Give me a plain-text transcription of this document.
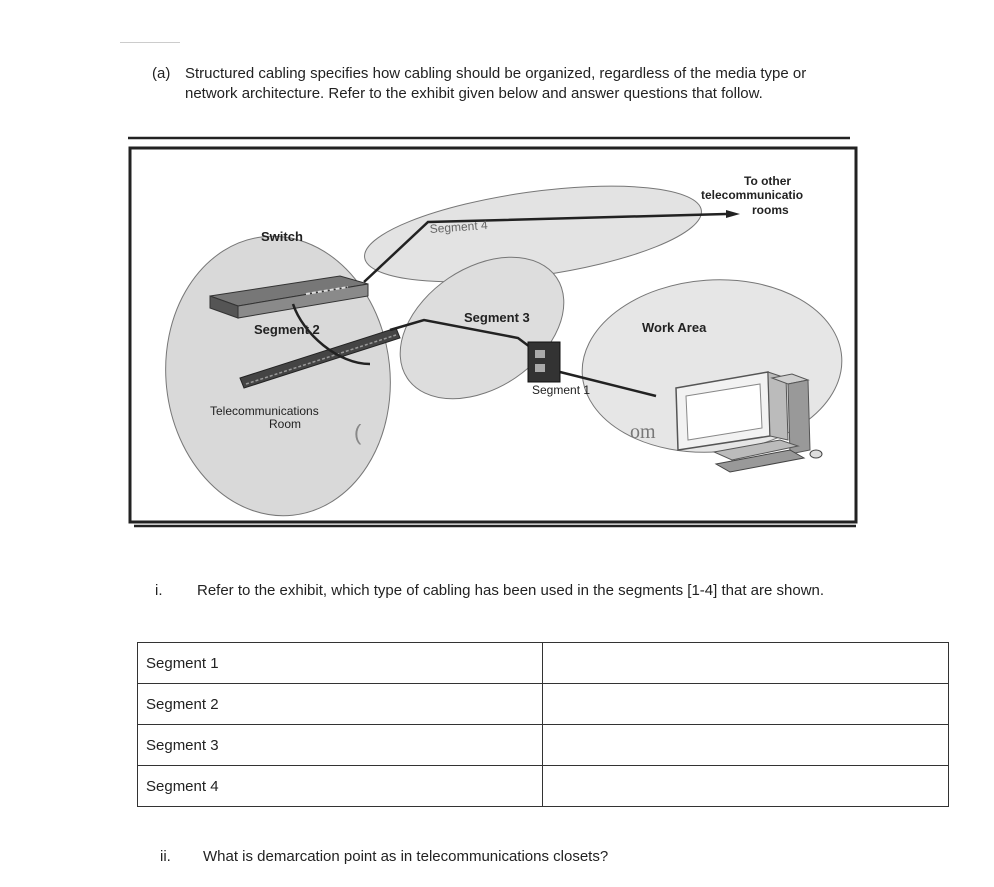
(a) Structured cabling specifies how cabling should be organized, regardless of the media type or
network architecture. Refer to the exhibit given below and answer questions that follow.
Switch
Segment 4
Segment 3
Segment 2
Segment 1
Telecommunications
Room
Work Area
To other
telecommunicatio
rooms
(	om
i. Refer to the exhibit, which type of cabling has been used in the segments [1-4] that are shown.
Segment 1	
Segment 2	
Segment 3	
Segment 4	
ii. What is demarcation point as in telecommunications closets?
